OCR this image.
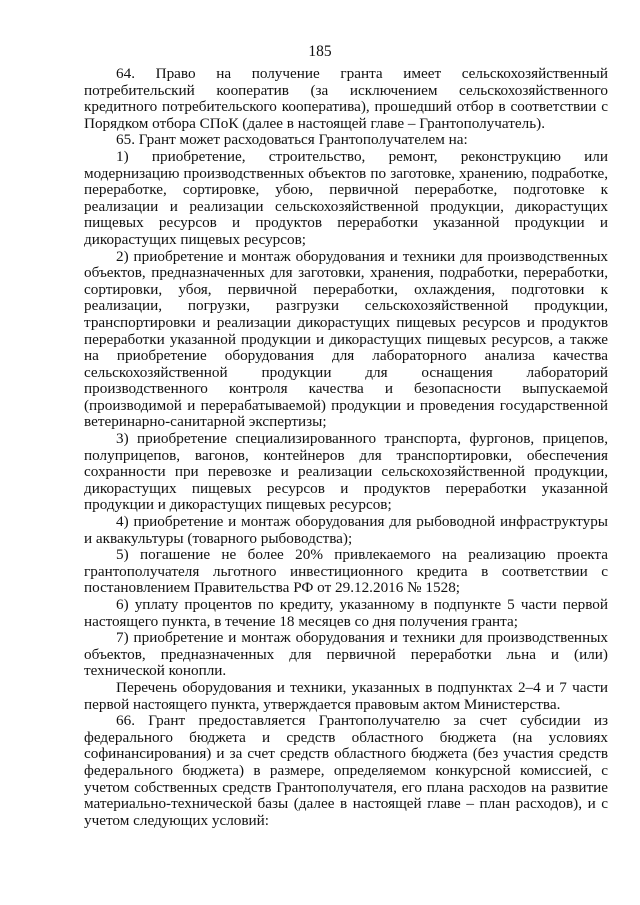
185

64. Право на получение гранта имеет сельскохозяйственный потребительский кооператив (за исключением сельскохозяйственного кредитного потребительского кооператива), прошедший отбор в соответствии с Порядком отбора СПоК (далее в настоящей главе – Грантополучатель).

65. Грант может расходоваться Грантополучателем на:

1) приобретение, строительство, ремонт, реконструкцию или модернизацию производственных объектов по заготовке, хранению, подработке, переработке, сортировке, убою, первичной переработке, подготовке к реализации и реализации сельскохозяйственной продукции, дикорастущих пищевых ресурсов и продуктов переработки указанной продукции и дикорастущих пищевых ресурсов;

2) приобретение и монтаж оборудования и техники для производственных объектов, предназначенных для заготовки, хранения, подработки, переработки, сортировки, убоя, первичной переработки, охлаждения, подготовки к реализации, погрузки, разгрузки сельскохозяйственной продукции, транспортировки и реализации дикорастущих пищевых ресурсов и продуктов переработки указанной продукции и дикорастущих пищевых ресурсов, а также на приобретение оборудования для лабораторного анализа качества сельскохозяйственной продукции для оснащения лабораторий производственного контроля качества и безопасности выпускаемой (производимой и перерабатываемой) продукции и проведения государственной ветеринарно-санитарной экспертизы;

3) приобретение специализированного транспорта, фургонов, прицепов, полуприцепов, вагонов, контейнеров для транспортировки, обеспечения сохранности при перевозке и реализации сельскохозяйственной продукции, дикорастущих пищевых ресурсов и продуктов переработки указанной продукции и дикорастущих пищевых ресурсов;

4) приобретение и монтаж оборудования для рыбоводной инфраструктуры и аквакультуры (товарного рыбоводства);

5) погашение не более 20% привлекаемого на реализацию проекта грантополучателя льготного инвестиционного кредита в соответствии с постановлением Правительства РФ от 29.12.2016 № 1528;

6) уплату процентов по кредиту, указанному в подпункте 5 части первой настоящего пункта, в течение 18 месяцев со дня получения гранта;

7) приобретение и монтаж оборудования и техники для производственных объектов, предназначенных для первичной переработки льна и (или) технической конопли.

Перечень оборудования и техники, указанных в подпунктах 2–4 и 7 части первой настоящего пункта, утверждается правовым актом Министерства.

66. Грант предоставляется Грантополучателю за счет субсидии из федерального бюджета и средств областного бюджета (на условиях софинансирования) и за счет средств областного бюджета (без участия средств федерального бюджета) в размере, определяемом конкурсной комиссией, с учетом собственных средств Грантополучателя, его плана расходов на развитие материально-технической базы (далее в настоящей главе – план расходов), и с учетом следующих условий:
